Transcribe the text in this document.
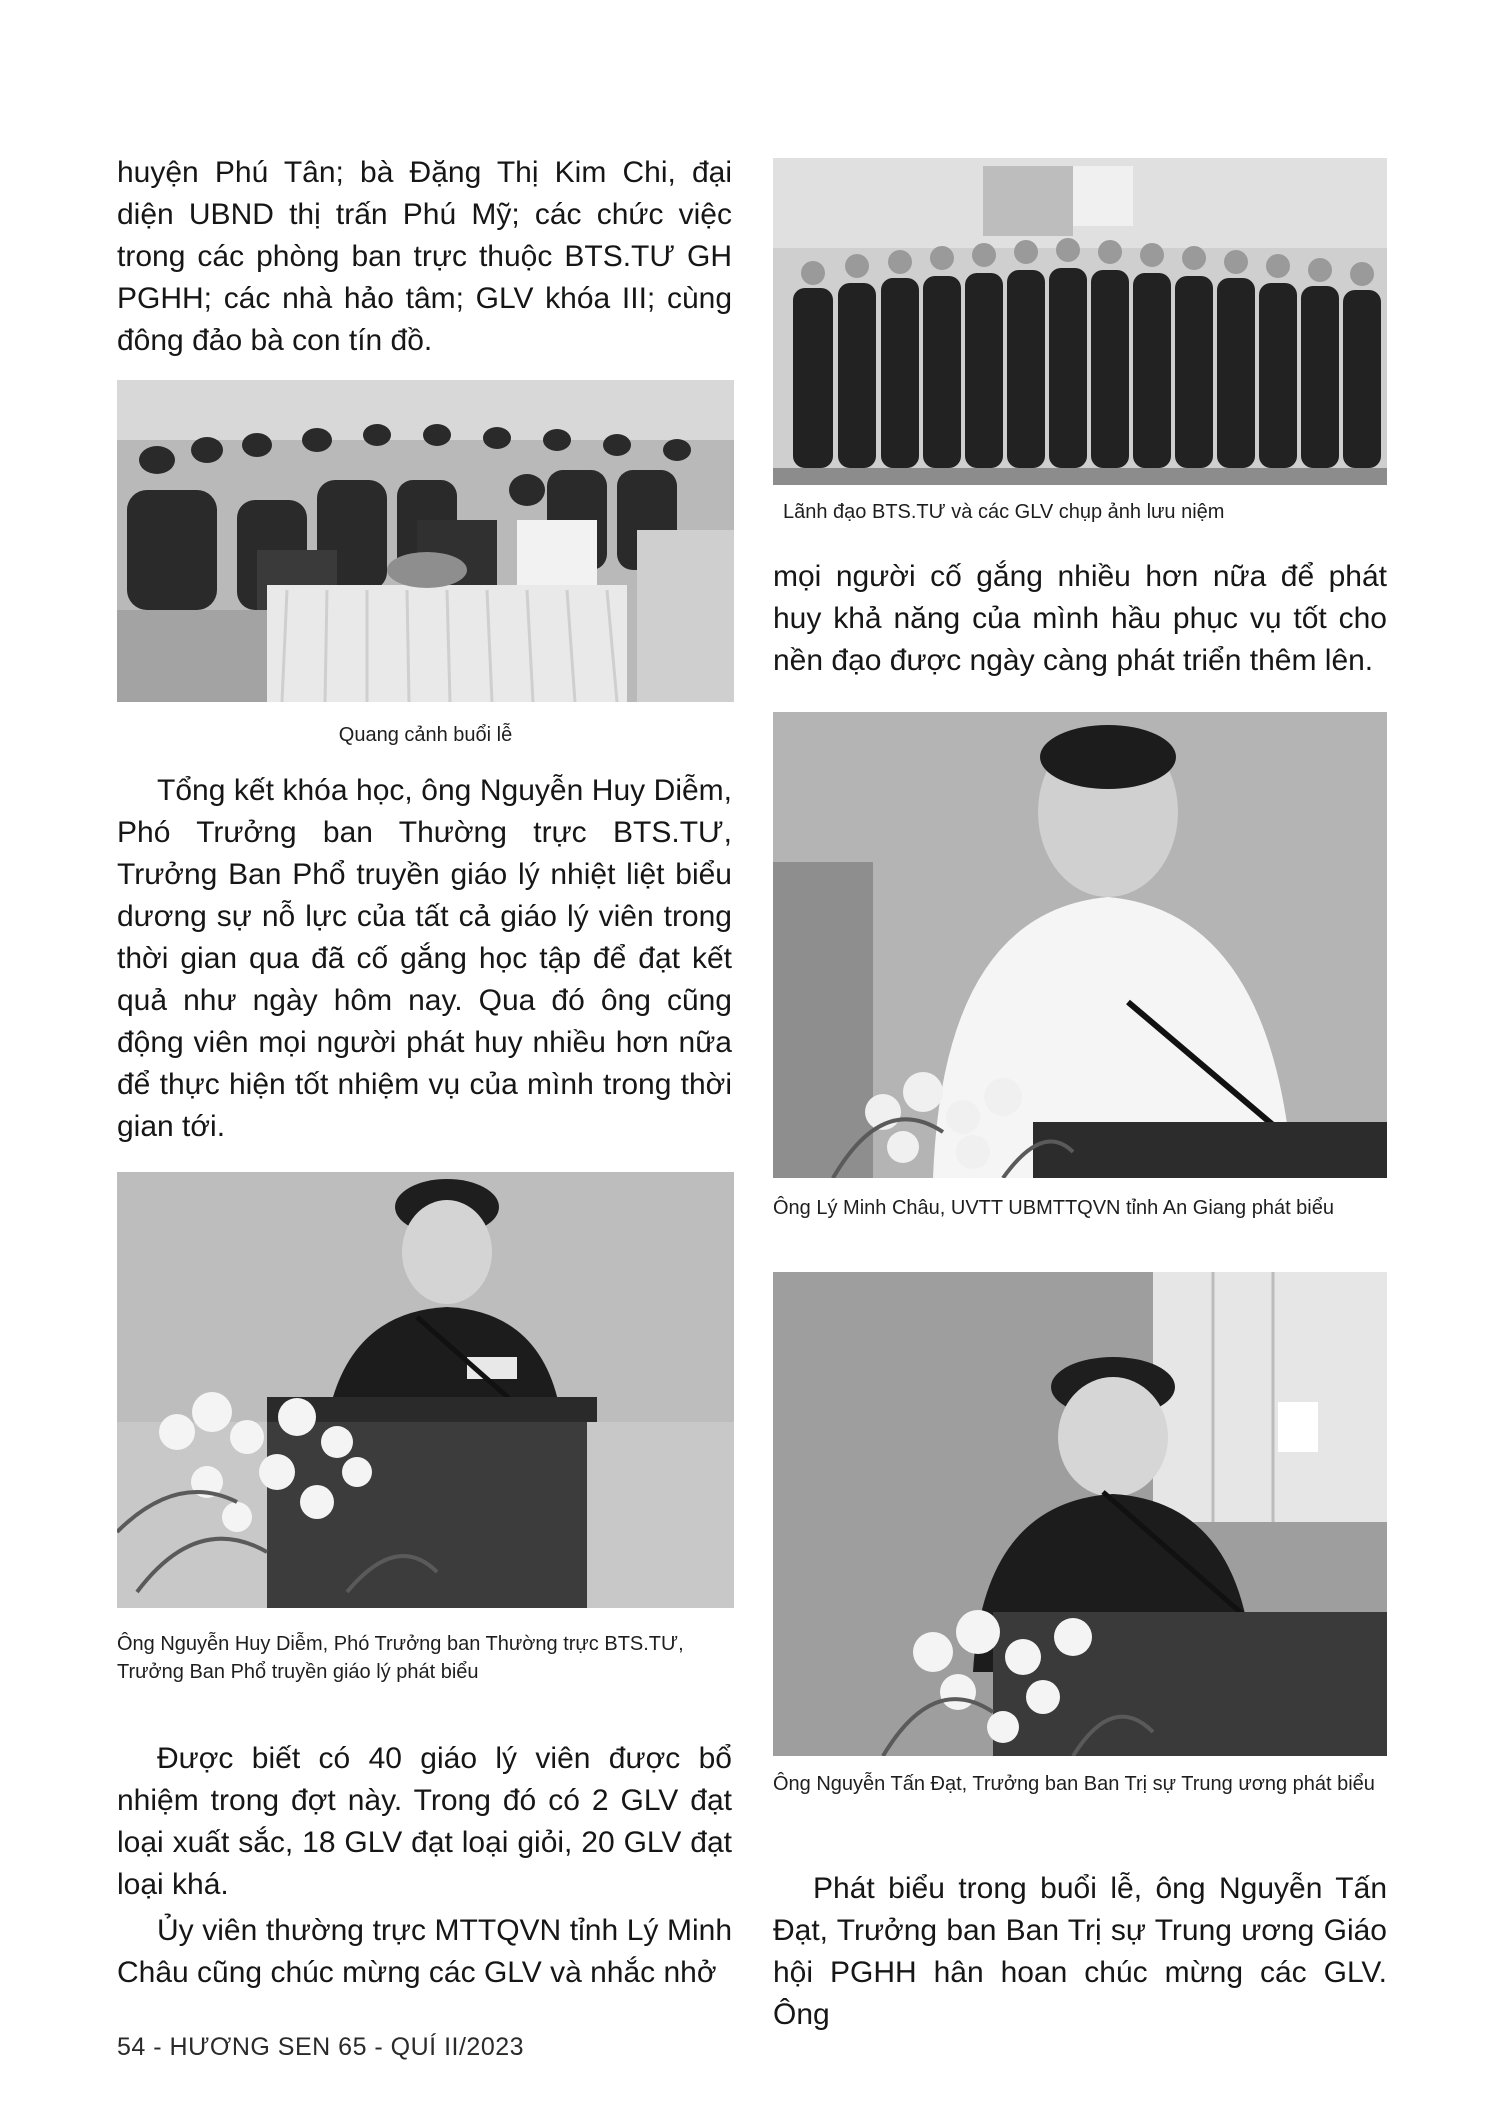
huyện Phú Tân; bà Đặng Thị Kim Chi, đại diện UBND thị trấn Phú Mỹ; các chức việc trong các phòng ban trực thuộc BTS.TƯ GH PGHH; các nhà hảo tâm; GLV khóa III; cùng đông đảo bà con tín đồ.

Quang cảnh buổi lễ

Tổng kết khóa học, ông Nguyễn Huy Diễm, Phó Trưởng ban Thường trực BTS.TƯ, Trưởng Ban Phổ truyền giáo lý nhiệt liệt biểu dương sự nỗ lực của tất cả giáo lý viên trong thời gian qua đã cố gắng học tập để đạt kết quả như ngày hôm nay. Qua đó ông cũng động viên mọi người phát huy nhiều hơn nữa để thực hiện tốt nhiệm vụ của mình trong thời gian tới.

Ông Nguyễn Huy Diễm, Phó Trưởng ban Thường trực BTS.TƯ, Trưởng Ban Phổ truyền giáo lý phát biểu

Được biết có 40 giáo lý viên được bổ nhiệm trong đợt này. Trong đó có 2 GLV đạt loại xuất sắc, 18 GLV đạt loại giỏi, 20 GLV đạt loại khá.

Ủy viên thường trực MTTQVN tỉnh Lý Minh Châu cũng chúc mừng các GLV và nhắc nhở

Lãnh đạo BTS.TƯ và các GLV chụp ảnh lưu niệm

mọi người cố gắng nhiều hơn nữa để phát huy khả năng của mình hầu phục vụ tốt cho nền đạo được ngày càng phát triển thêm lên.

Ông Lý Minh Châu, UVTT UBMTTQVN tỉnh An Giang phát biểu

Ông Nguyễn Tấn Đạt, Trưởng ban Ban Trị sự Trung ương phát biểu

Phát biểu trong buổi lễ, ông Nguyễn Tấn Đạt, Trưởng ban Ban Trị sự Trung ương Giáo hội PGHH hân hoan chúc mừng các GLV. Ông

54 - HƯƠNG SEN 65 - QUÍ II/2023
